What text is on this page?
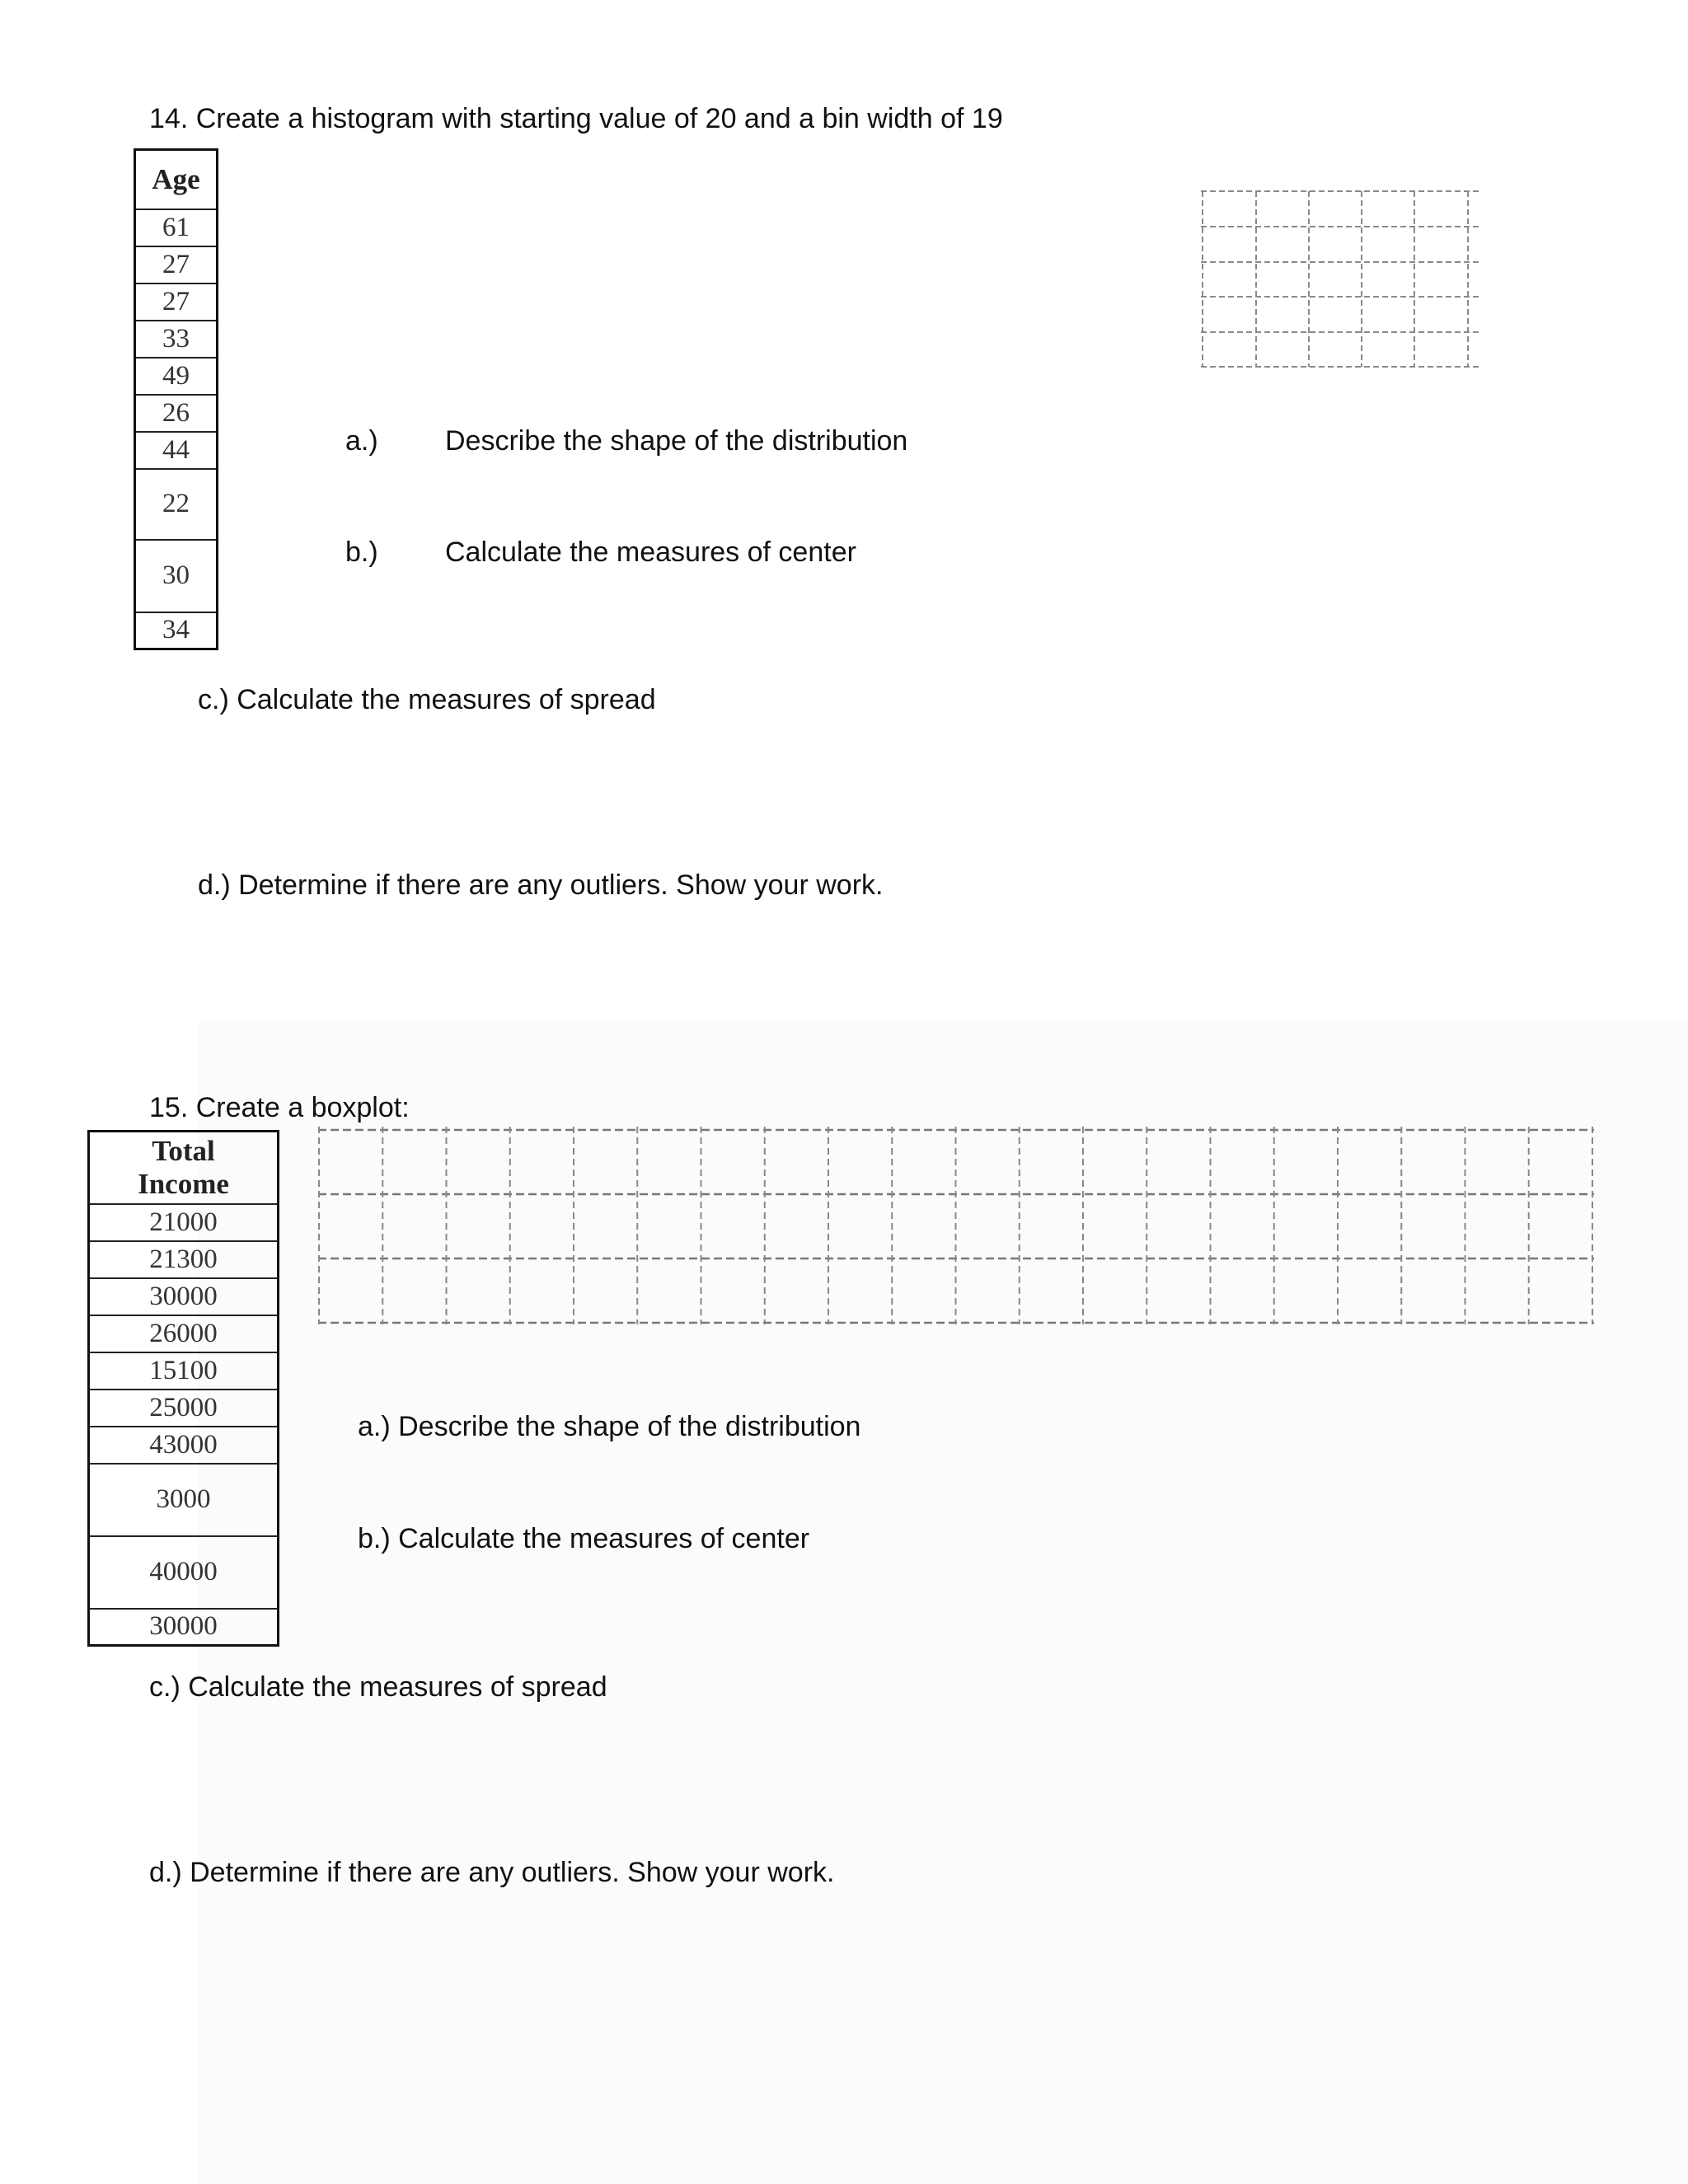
14. Create a histogram with starting value of 20 and a bin width of 19
Age
61
27
27
33
49
26
44
22
30
34
a.) Describe the shape of the distribution
b.) Calculate the measures of center
c.) Calculate the measures of spread
d.) Determine if there are any outliers. Show your work.
15. Create a boxplot:
Total
Income

21000
21300
30000
26000
15100
25000
43000
3000
40000
30000
a.) Describe the shape of the distribution
b.) Calculate the measures of center
c.) Calculate the measures of spread
d.) Determine if there are any outliers. Show your work.
